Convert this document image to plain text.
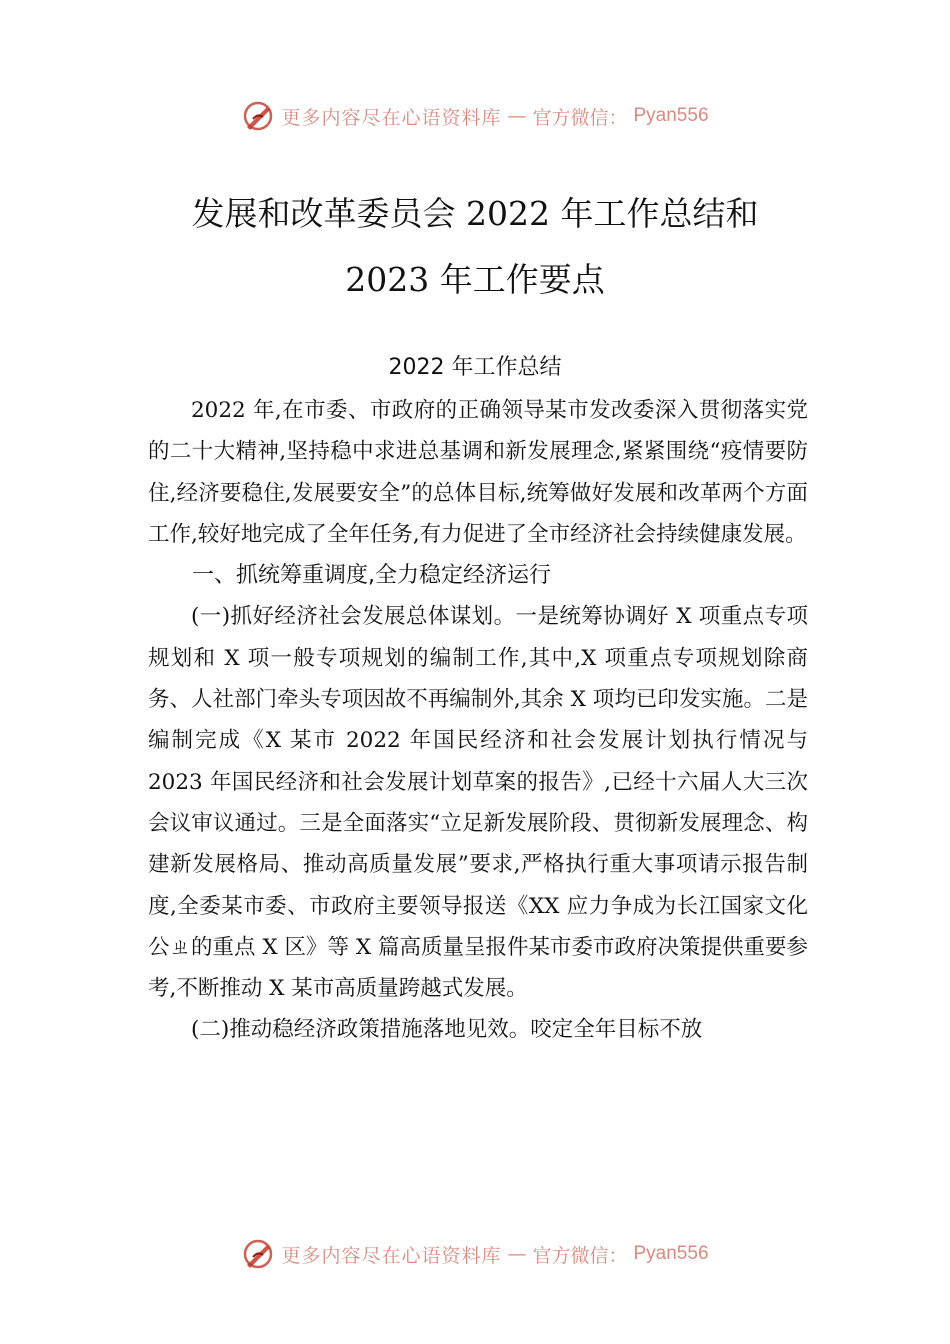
更多内容尽在心语资料库 — 官方微信： Pyan556
发展和改革委员会 2022 年工作总结和
2023 年工作要点
2022 年工作总结

2022 年,在市委、市政府的正确领导某市发改委深入贯彻落实党的二十大精神,坚持稳中求进总基调和新发展理念,紧紧围绕“疫情要防住,经济要稳住,发展要安全”的总体目标,统筹做好发展和改革两个方面工作,较好地完成了全年任务,有力促进了全市经济社会持续健康发展。

一、抓统筹重调度,全力稳定经济运行

(一)抓好经济社会发展总体谋划。一是统筹协调好 X 项重点专项规划和 X 项一般专项规划的编制工作,其中,X 项重点专项规划除商务、人社部门牵头专项因故不再编制外,其余 X 项均已印发实施。二是编制完成《X 某市 2022 年国民经济和社会发展计划执行情况与 2023 年国民经济和社会发展计划草案的报告》,已经十六届人大三次会议审议通过。三是全面落实“立足新发展阶段、贯彻新发展理念、构建新发展格局、推动高质量发展”要求,严格执行重大事项请示报告制度,全委某市委、市政府主要领导报送《XX 应力争成为长江国家文化公ㄓ的重点 X 区》等 X 篇高质量呈报件某市委市政府决策提供重要参考,不断推动 X 某市高质量跨越式发展。

(二)推动稳经济政策措施落地见效。咬定全年目标不放

更多内容尽在心语资料库 — 官方微信： Pyan556
